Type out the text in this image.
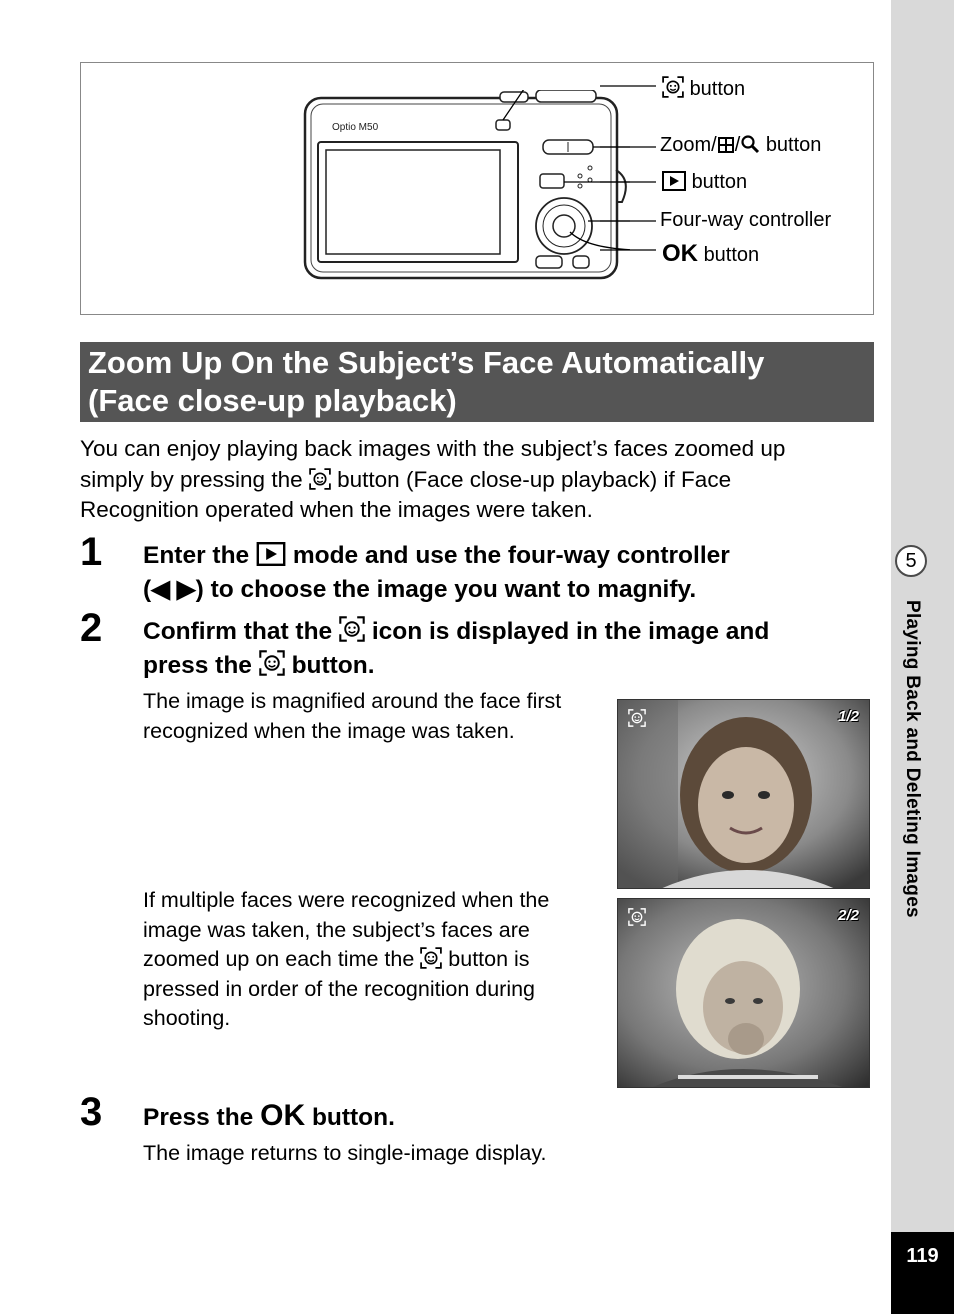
Optio M50
button
Zoom/ / button
button
Four-way controller
OK button
Zoom Up On the Subject’s Face Automatically
(Face close-up playback)
You can enjoy playing back images with the subject’s faces zoomed up
simply by pressing the button (Face close-up playback) if Face
Recognition operated when the images were taken.
1 Enter the mode and use the four-way controller
(◀ ▶) to choose the image you want to magnify.
2 Confirm that the icon is displayed in the image and
press the button.
The image is magnified around the face first
recognized when the image was taken.
If multiple faces were recognized when the
image was taken, the subject’s faces are
zoomed up on each time the button is
pressed in order of the recognition during
shooting.
1/2
2/2
3 Press the OK button.
The image returns to single-image display.
5
Playing Back and Deleting Images
119
